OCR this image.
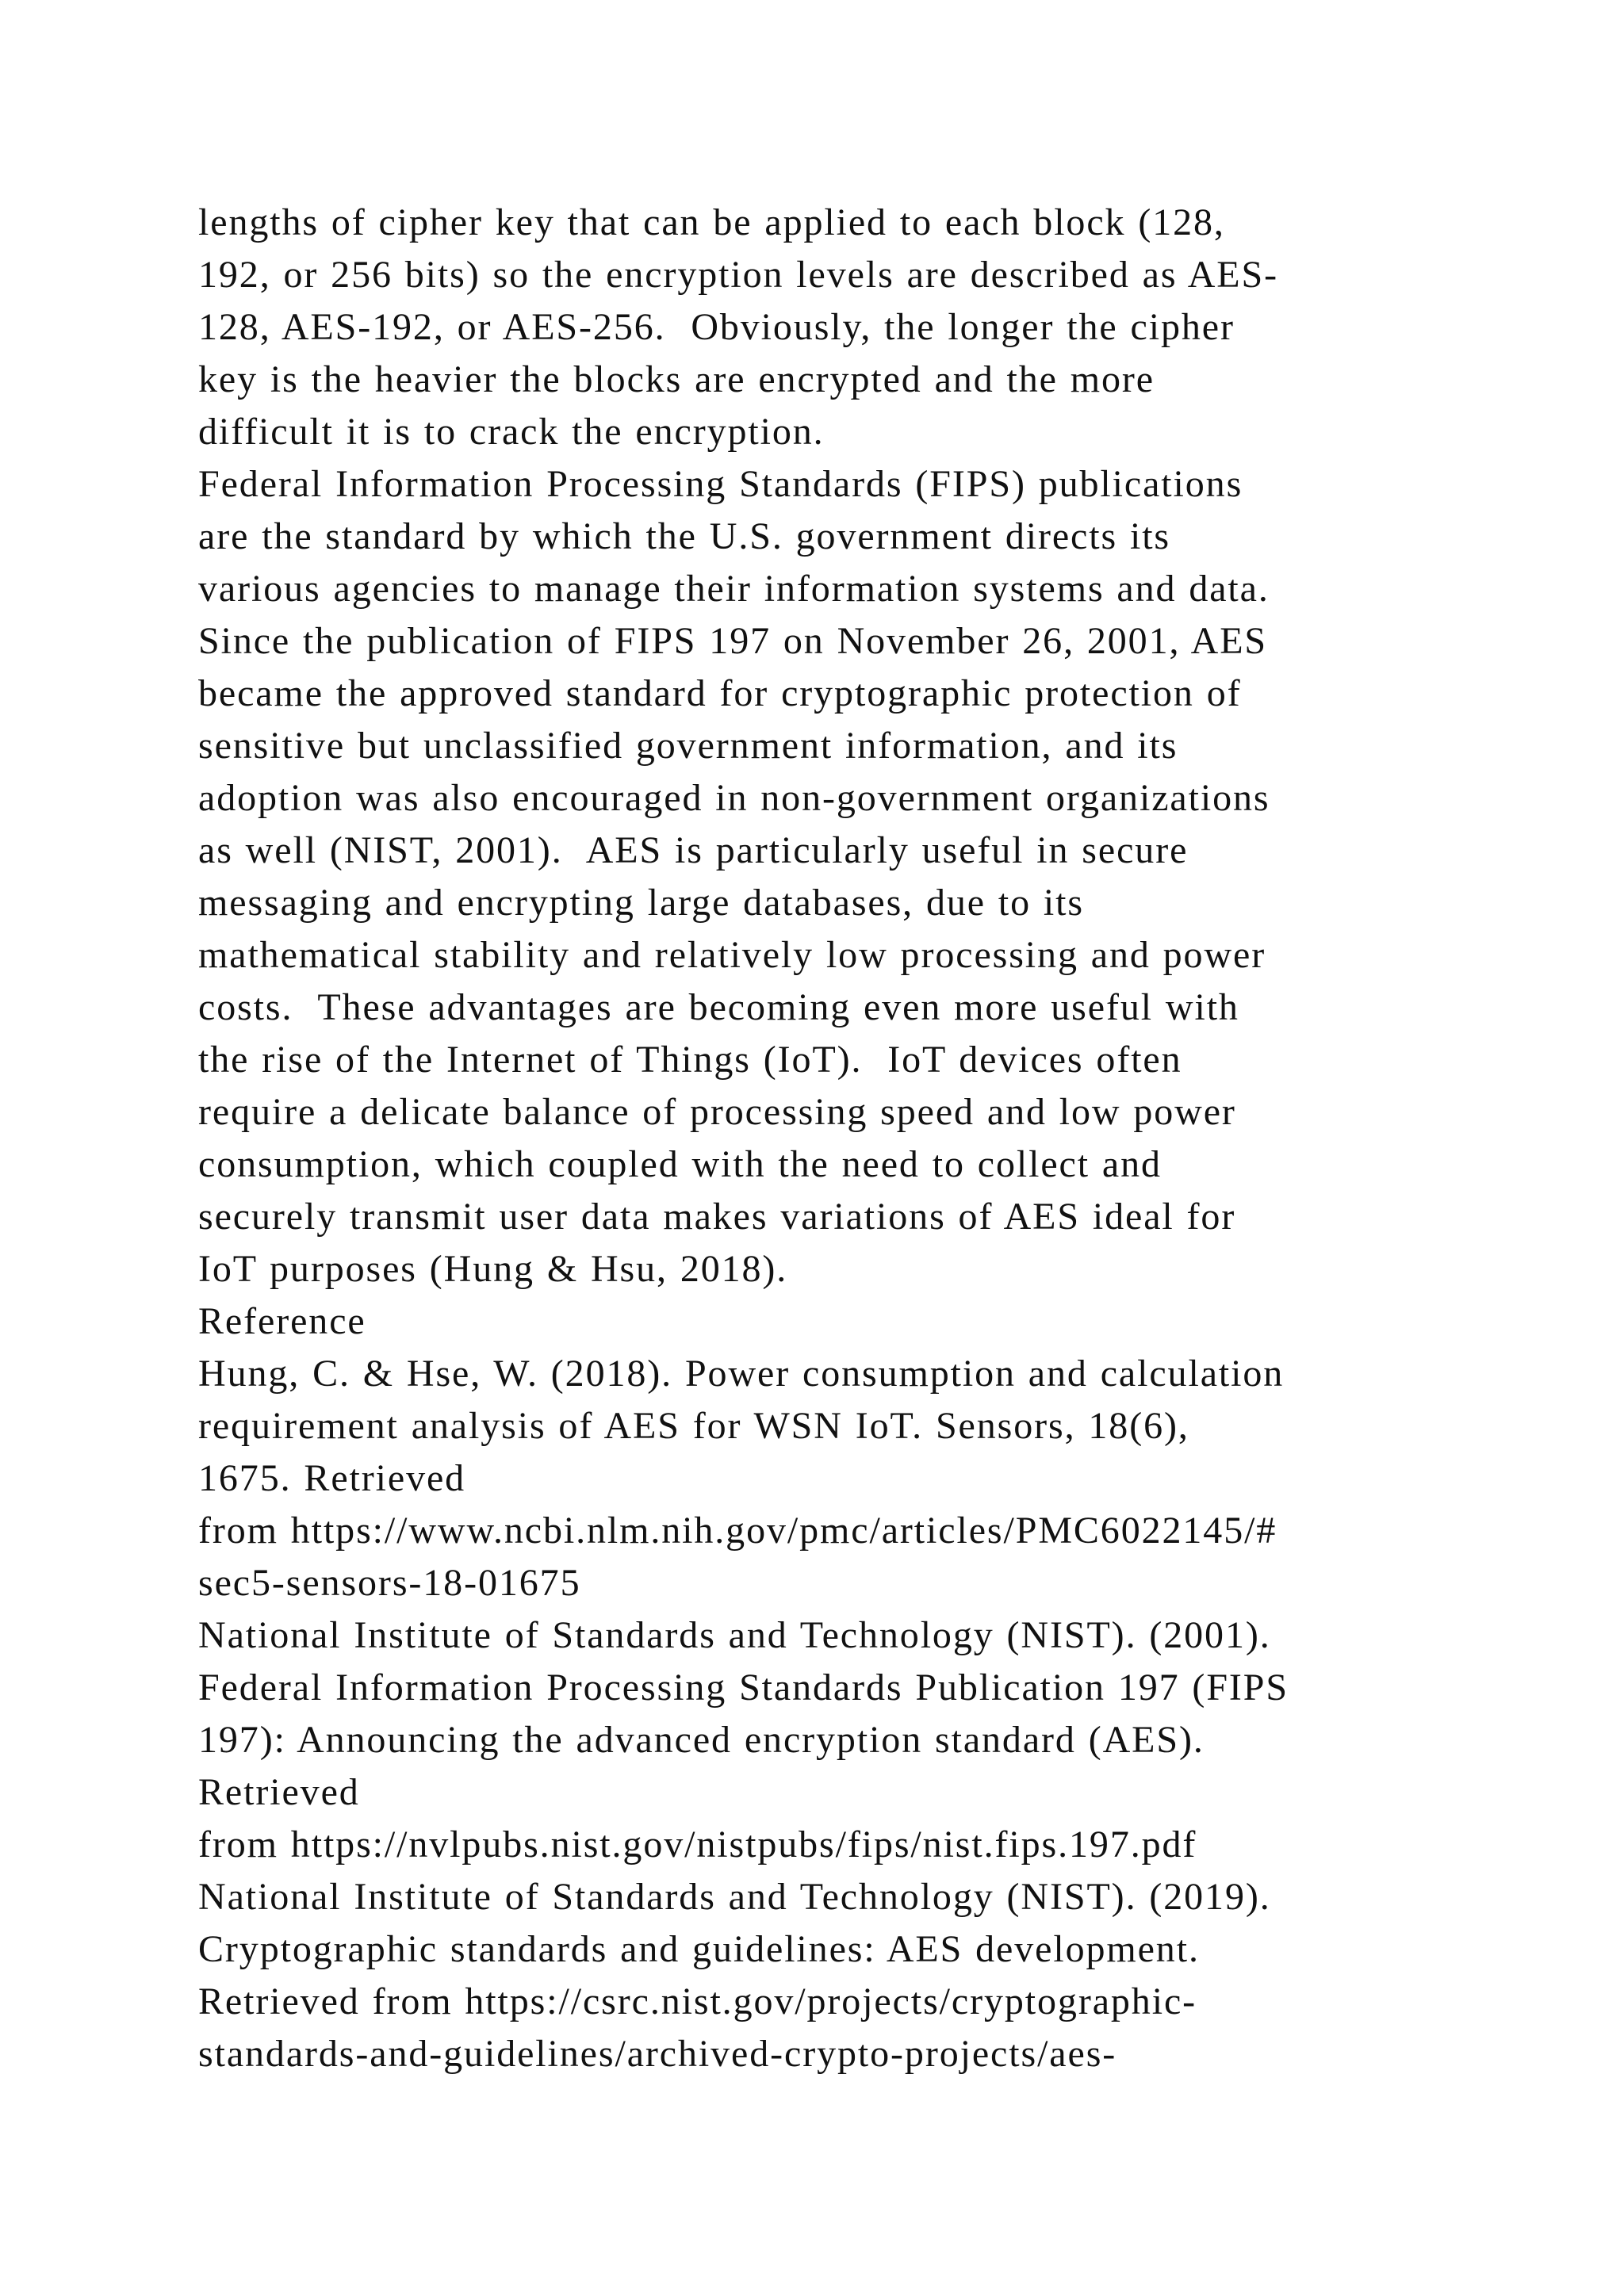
lengths of cipher key that can be applied to each block (128,
192, or 256 bits) so the encryption levels are described as AES-
128, AES-192, or AES-256.  Obviously, the longer the cipher
key is the heavier the blocks are encrypted and the more
difficult it is to crack the encryption.
Federal Information Processing Standards (FIPS) publications
are the standard by which the U.S. government directs its
various agencies to manage their information systems and data.
Since the publication of FIPS 197 on November 26, 2001, AES
became the approved standard for cryptographic protection of
sensitive but unclassified government information, and its
adoption was also encouraged in non-government organizations
as well (NIST, 2001).  AES is particularly useful in secure
messaging and encrypting large databases, due to its
mathematical stability and relatively low processing and power
costs.  These advantages are becoming even more useful with
the rise of the Internet of Things (IoT).  IoT devices often
require a delicate balance of processing speed and low power
consumption, which coupled with the need to collect and
securely transmit user data makes variations of AES ideal for
IoT purposes (Hung & Hsu, 2018).
Reference
Hung, C. & Hse, W. (2018). Power consumption and calculation
requirement analysis of AES for WSN IoT. Sensors, 18(6),
1675. Retrieved
from https://www.ncbi.nlm.nih.gov/pmc/articles/PMC6022145/#
sec5-sensors-18-01675
National Institute of Standards and Technology (NIST). (2001).
Federal Information Processing Standards Publication 197 (FIPS
197): Announcing the advanced encryption standard (AES).
Retrieved
from https://nvlpubs.nist.gov/nistpubs/fips/nist.fips.197.pdf
National Institute of Standards and Technology (NIST). (2019).
Cryptographic standards and guidelines: AES development.
Retrieved from https://csrc.nist.gov/projects/cryptographic-
standards-and-guidelines/archived-crypto-projects/aes-
